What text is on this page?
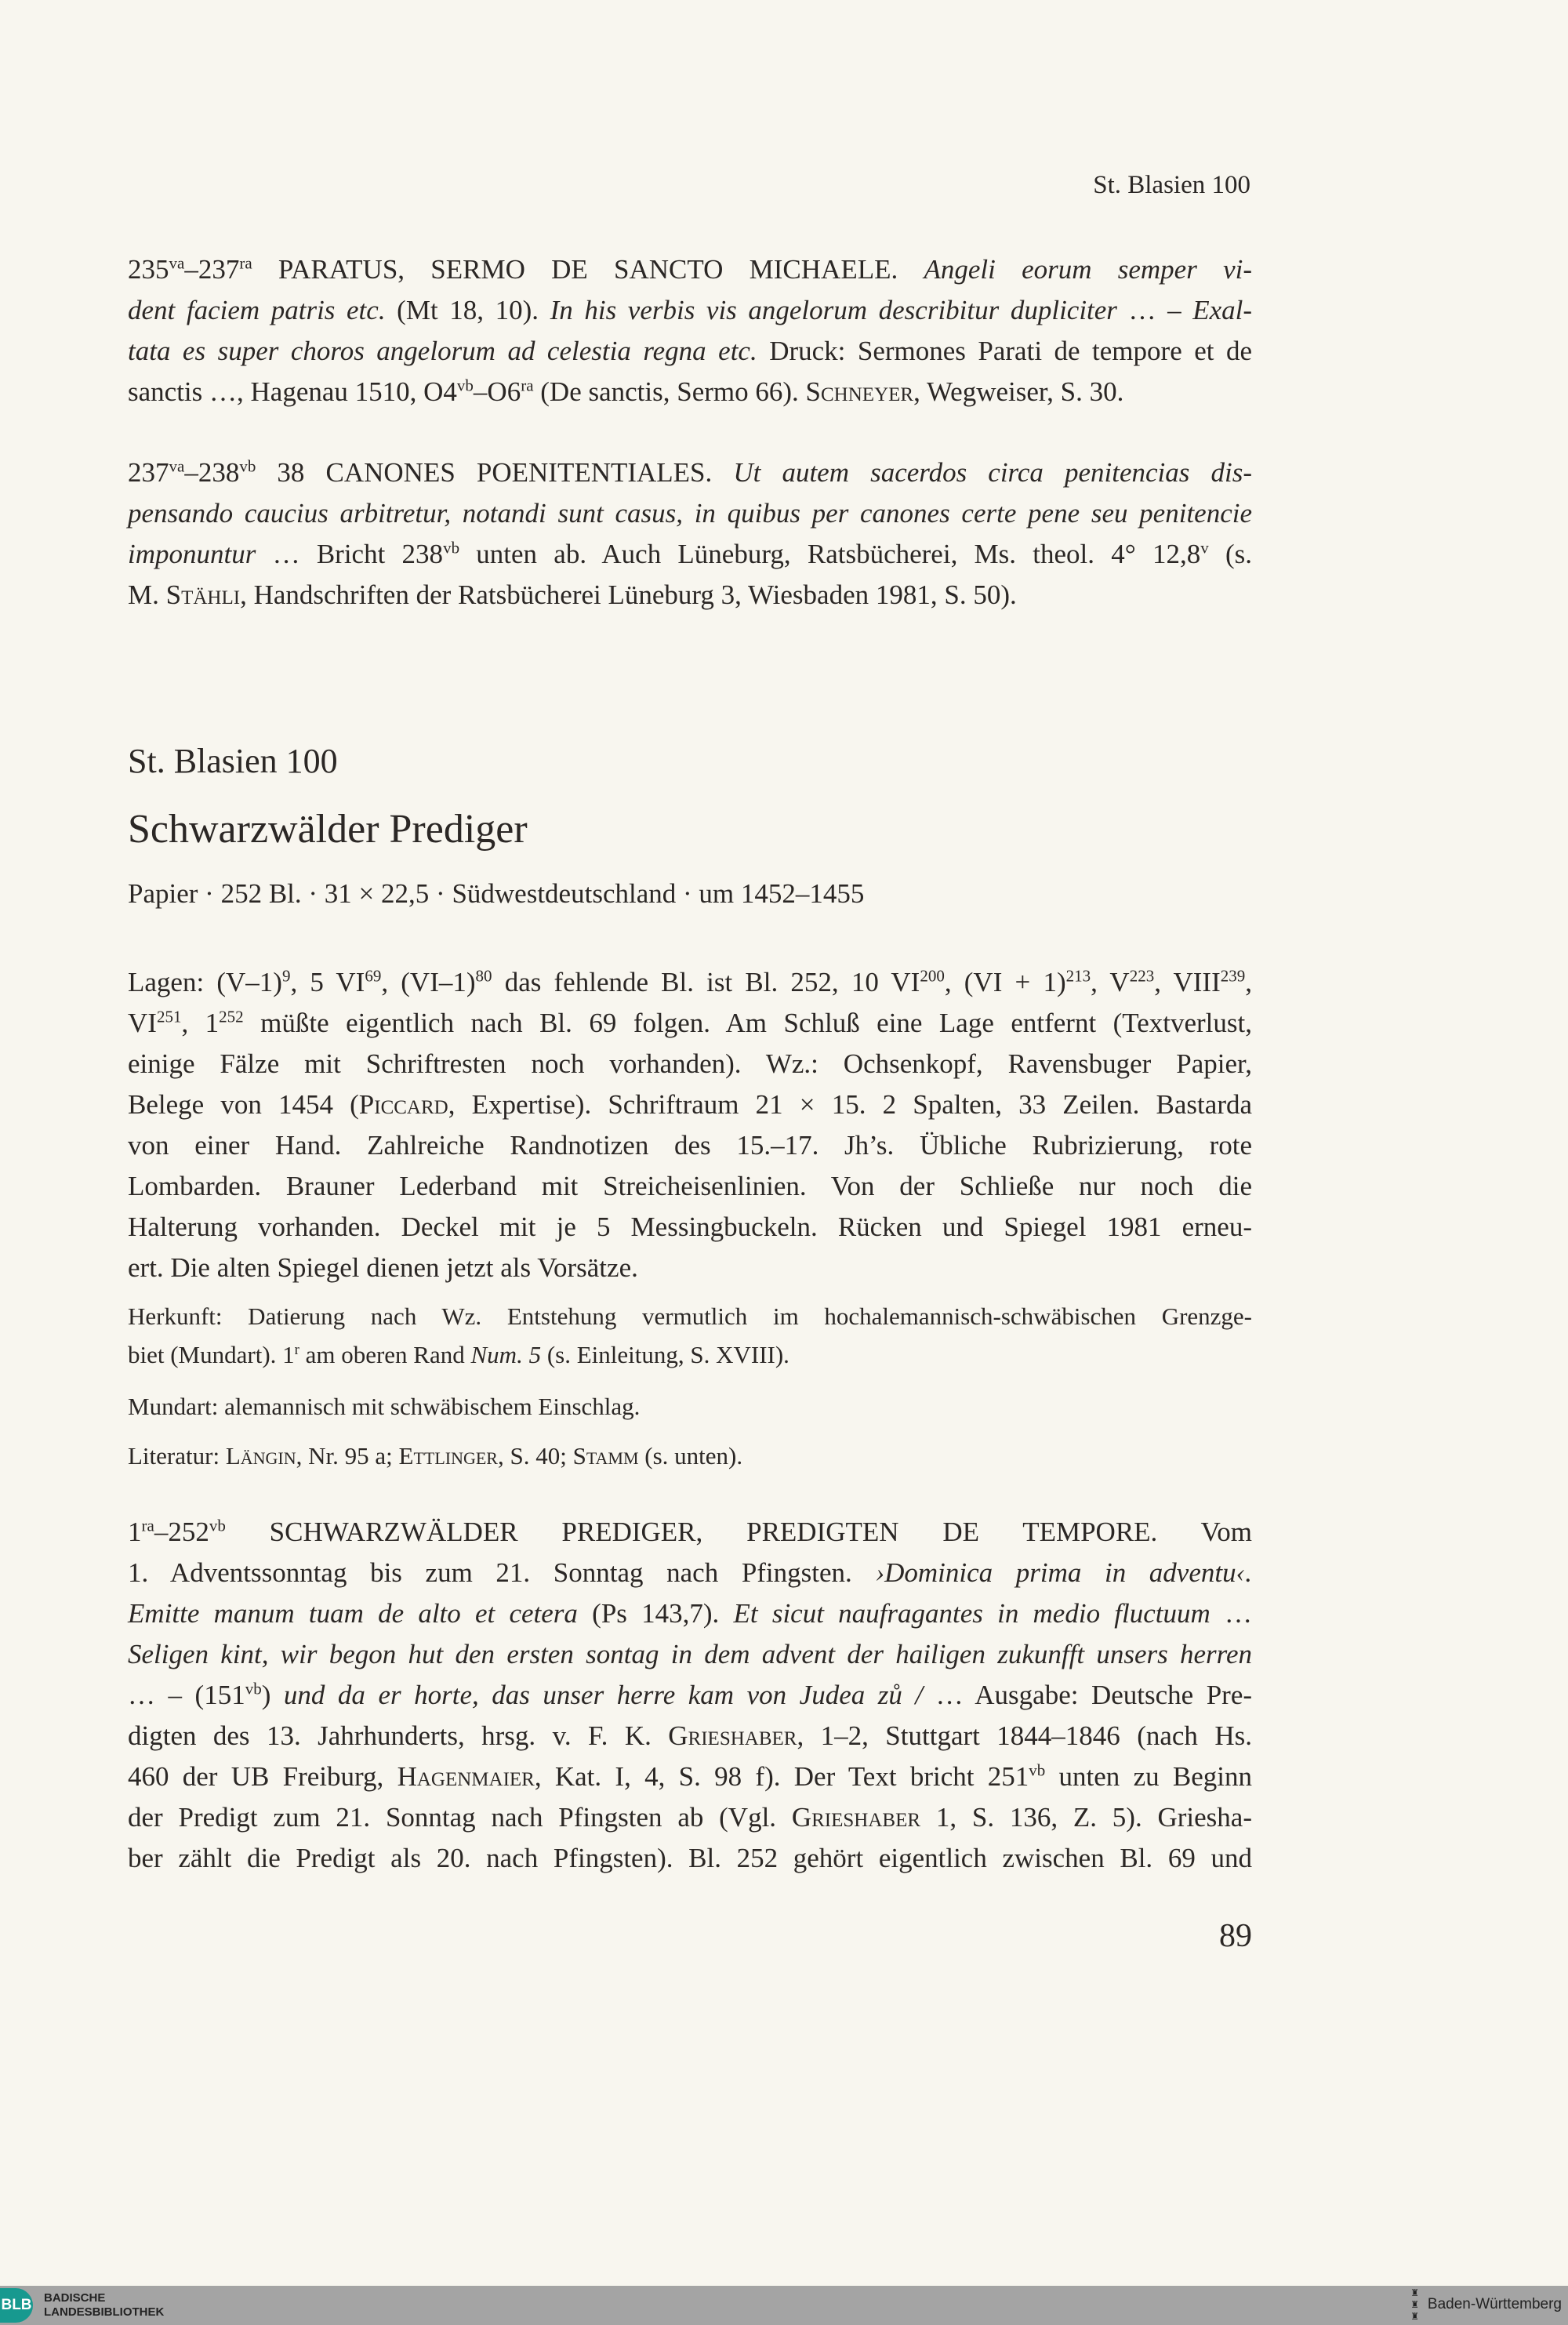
St. Blasien 100
$235^{va}-237^{ra}$ PARATUS, SERMO DE SANCTO MICHAELE. Angeli eorum semper vi-
dent faciem patris etc. (Mt 18, 10). In his verbis vis angelorum describitur dupliciter … – Exal-
tata es super choros angelorum ad celestia regna etc. Druck: Sermones Parati de tempore et de
sanctis …, Hagenau 1510, $O4^{vb}-O6^{ra}$ (De sanctis, Sermo 66). Schneyer, Wegweiser, S. 30.
$237^{va}-238^{vb}$ 38 CANONES POENITENTIALES. Ut autem sacerdos circa penitencias dis-
pensando caucius arbitretur, notandi sunt casus, in quibus per canones certe pene seu penitencie
imponuntur … Bricht $238^{vb}$ unten ab. Auch Lüneburg, Ratsbücherei, Ms. theol. 4° 12,8$^v$ (s.
M. Stähli, Handschriften der Ratsbücherei Lüneburg 3, Wiesbaden 1981, S. 50).
St. Blasien 100
Schwarzwälder Prediger
Papier · 252 Bl. · 31 × 22,5 · Südwestdeutschland · um 1452–1455
Lagen: $(V-1)^9$, 5 VI$^{69}$, $(VI-1)^{80}$ das fehlende Bl. ist Bl. 252, 10 VI$^{200}$, (VI + 1)$^{213}$, $V^{223}$, VIII$^{239}$,
VI$^{251}$, $1^{252}$ müßte eigentlich nach Bl. 69 folgen. Am Schluß eine Lage entfernt (Textverlust,
einige Fälze mit Schriftresten noch vorhanden). Wz.: Ochsenkopf, Ravensbuger Papier,
Belege von 1454 (Piccard, Expertise). Schriftraum 21 × 15. 2 Spalten, 33 Zeilen. Bastarda
von einer Hand. Zahlreiche Randnotizen des 15.–17. Jh’s. Übliche Rubrizierung, rote
Lombarden. Brauner Lederband mit Streicheisenlinien. Von der Schließe nur noch die
Halterung vorhanden. Deckel mit je 5 Messingbuckeln. Rücken und Spiegel 1981 erneu-
ert. Die alten Spiegel dienen jetzt als Vorsätze.
Herkunft: Datierung nach Wz. Entstehung vermutlich im hochalemannisch-schwäbischen Grenzge-
biet (Mundart). 1$^r$ am oberen Rand Num. 5 (s. Einleitung, S. XVIII).
Mundart: alemannisch mit schwäbischem Einschlag.
Literatur: Längin, Nr. 95 a; Ettlinger, S. 40; Stamm (s. unten).
$1^{ra}-252^{vb}$ SCHWARZWÄLDER PREDIGER, PREDIGTEN DE TEMPORE. Vom
1. Adventssonntag bis zum 21. Sonntag nach Pfingsten. ›Dominica prima in adventu‹.
Emitte manum tuam de alto et cetera (Ps 143,7). Et sicut naufragantes in medio fluctuum …
Seligen kint, wir begon hut den ersten sontag in dem advent der hailigen zukunfft unsers herren
… – $(151^{vb})$ und da er horte, das unser herre kam von Judea zů / … Ausgabe: Deutsche Pre-
digten des 13. Jahrhunderts, hrsg. v. F. K. Grieshaber, 1–2, Stuttgart 1844–1846 (nach Hs.
460 der UB Freiburg, Hagenmaier, Kat. I, 4, S. 98 f). Der Text bricht $251^{vb}$ unten zu Beginn
der Predigt zum 21. Sonntag nach Pfingsten ab (Vgl. Grieshaber 1, S. 136, Z. 5). Griesha-
ber zählt die Predigt als 20. nach Pfingsten). Bl. 252 gehört eigentlich zwischen Bl. 69 und
89
BLB BADISCHE
LANDESBIBLIOTHEK
♜
♜
♜
Baden-Württemberg
